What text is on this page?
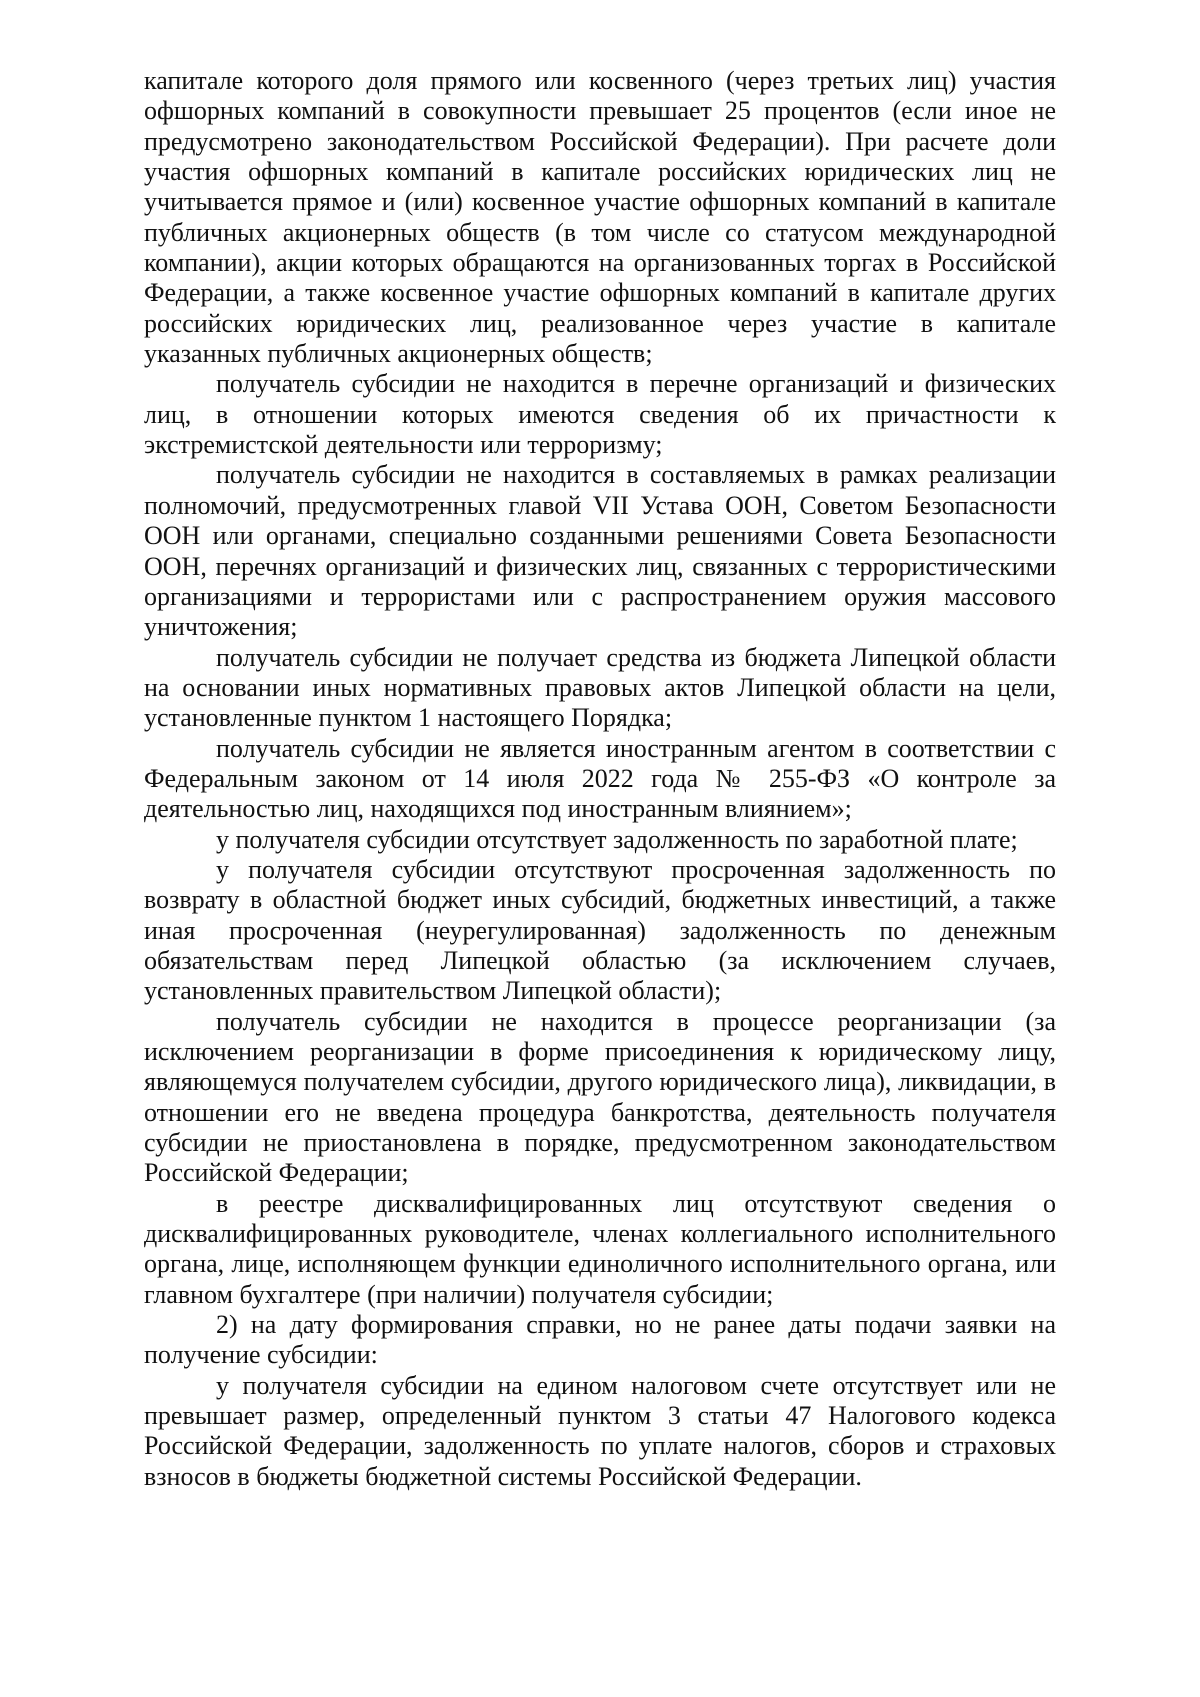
капитале которого доля прямого или косвенного (через третьих лиц) участия офшорных компаний в совокупности превышает 25 процентов (если иное не предусмотрено законодательством Российской Федерации). При расчете доли участия офшорных компаний в капитале российских юридических лиц не учитывается прямое и (или) косвенное участие офшорных компаний в капитале публичных акционерных обществ (в том числе со статусом международной компании), акции которых обращаются на организованных торгах в Российской Федерации, а также косвенное участие офшорных компаний в капитале других российских юридических лиц, реализованное через участие в капитале указанных публичных акционерных обществ;

получатель субсидии не находится в перечне организаций и физических лиц, в отношении которых имеются сведения об их причастности к экстремистской деятельности или терроризму;

получатель субсидии не находится в составляемых в рамках реализации полномочий, предусмотренных главой VII Устава ООН, Советом Безопасности ООН или органами, специально созданными решениями Совета Безопасности ООН, перечнях организаций и физических лиц, связанных с террористическими организациями и террористами или с распространением оружия массового уничтожения;

получатель субсидии не получает средства из бюджета Липецкой области на основании иных нормативных правовых актов Липецкой области на цели, установленные пунктом 1 настоящего Порядка;

получатель субсидии не является иностранным агентом в соответствии с Федеральным законом от 14 июля 2022 года № 255-ФЗ «О контроле за деятельностью лиц, находящихся под иностранным влиянием»;

у получателя субсидии отсутствует задолженность по заработной плате;

у получателя субсидии отсутствуют просроченная задолженность по возврату в областной бюджет иных субсидий, бюджетных инвестиций, а также иная просроченная (неурегулированная) задолженность по денежным обязательствам перед Липецкой областью (за исключением случаев, установленных правительством Липецкой области);

получатель субсидии не находится в процессе реорганизации (за исключением реорганизации в форме присоединения к юридическому лицу, являющемуся получателем субсидии, другого юридического лица), ликвидации, в отношении его не введена процедура банкротства, деятельность получателя субсидии не приостановлена в порядке, предусмотренном законодательством Российской Федерации;

в реестре дисквалифицированных лиц отсутствуют сведения о дисквалифицированных руководителе, членах коллегиального исполнительного органа, лице, исполняющем функции единоличного исполнительного органа, или главном бухгалтере (при наличии) получателя субсидии;

2) на дату формирования справки, но не ранее даты подачи заявки на получение субсидии:

у получателя субсидии на едином налоговом счете отсутствует или не превышает размер, определенный пунктом 3 статьи 47 Налогового кодекса Российской Федерации, задолженность по уплате налогов, сборов и страховых взносов в бюджеты бюджетной системы Российской Федерации.
